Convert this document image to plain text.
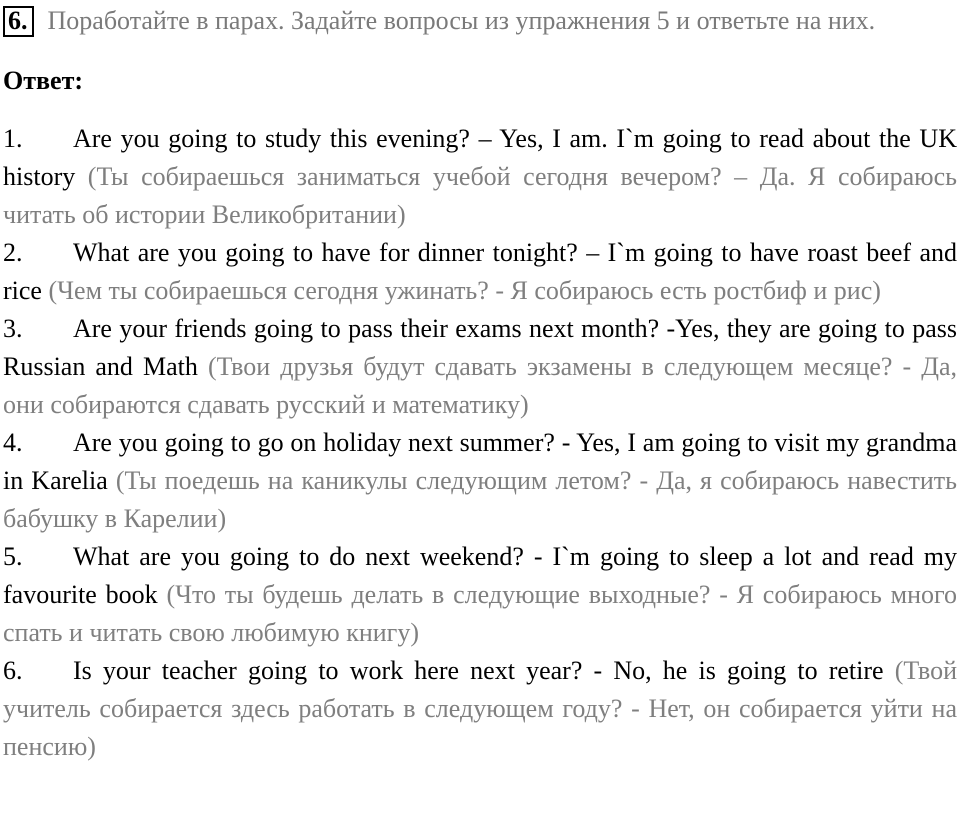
6. Поработайте в парах. Задайте вопросы из упражнения 5 и ответьте на них.
Ответ:
1. Are you going to study this evening? – Yes, I am. I`m going to read about the UK history (Ты собираешься заниматься учебой сегодня вечером? – Да. Я собираюсь читать об истории Великобритании)
2. What are you going to have for dinner tonight? – I`m going to have roast beef and rice (Чем ты собираешься сегодня ужинать? - Я собираюсь есть ростбиф и рис)
3. Are your friends going to pass their exams next month? -Yes, they are going to pass Russian and Math (Твои друзья будут сдавать экзамены в следующем месяце? - Да, они собираются сдавать русский и математику)
4. Are you going to go on holiday next summer? - Yes, I am going to visit my grandma in Karelia (Ты поедешь на каникулы следующим летом? - Да, я собираюсь навестить бабушку в Карелии)
5. What are you going to do next weekend? - I`m going to sleep a lot and read my favourite book (Что ты будешь делать в следующие выходные? - Я собираюсь много спать и читать свою любимую книгу)
6. Is your teacher going to work here next year? - No, he is going to retire (Твой учитель собирается здесь работать в следующем году? - Нет, он собирается уйти на пенсию)
